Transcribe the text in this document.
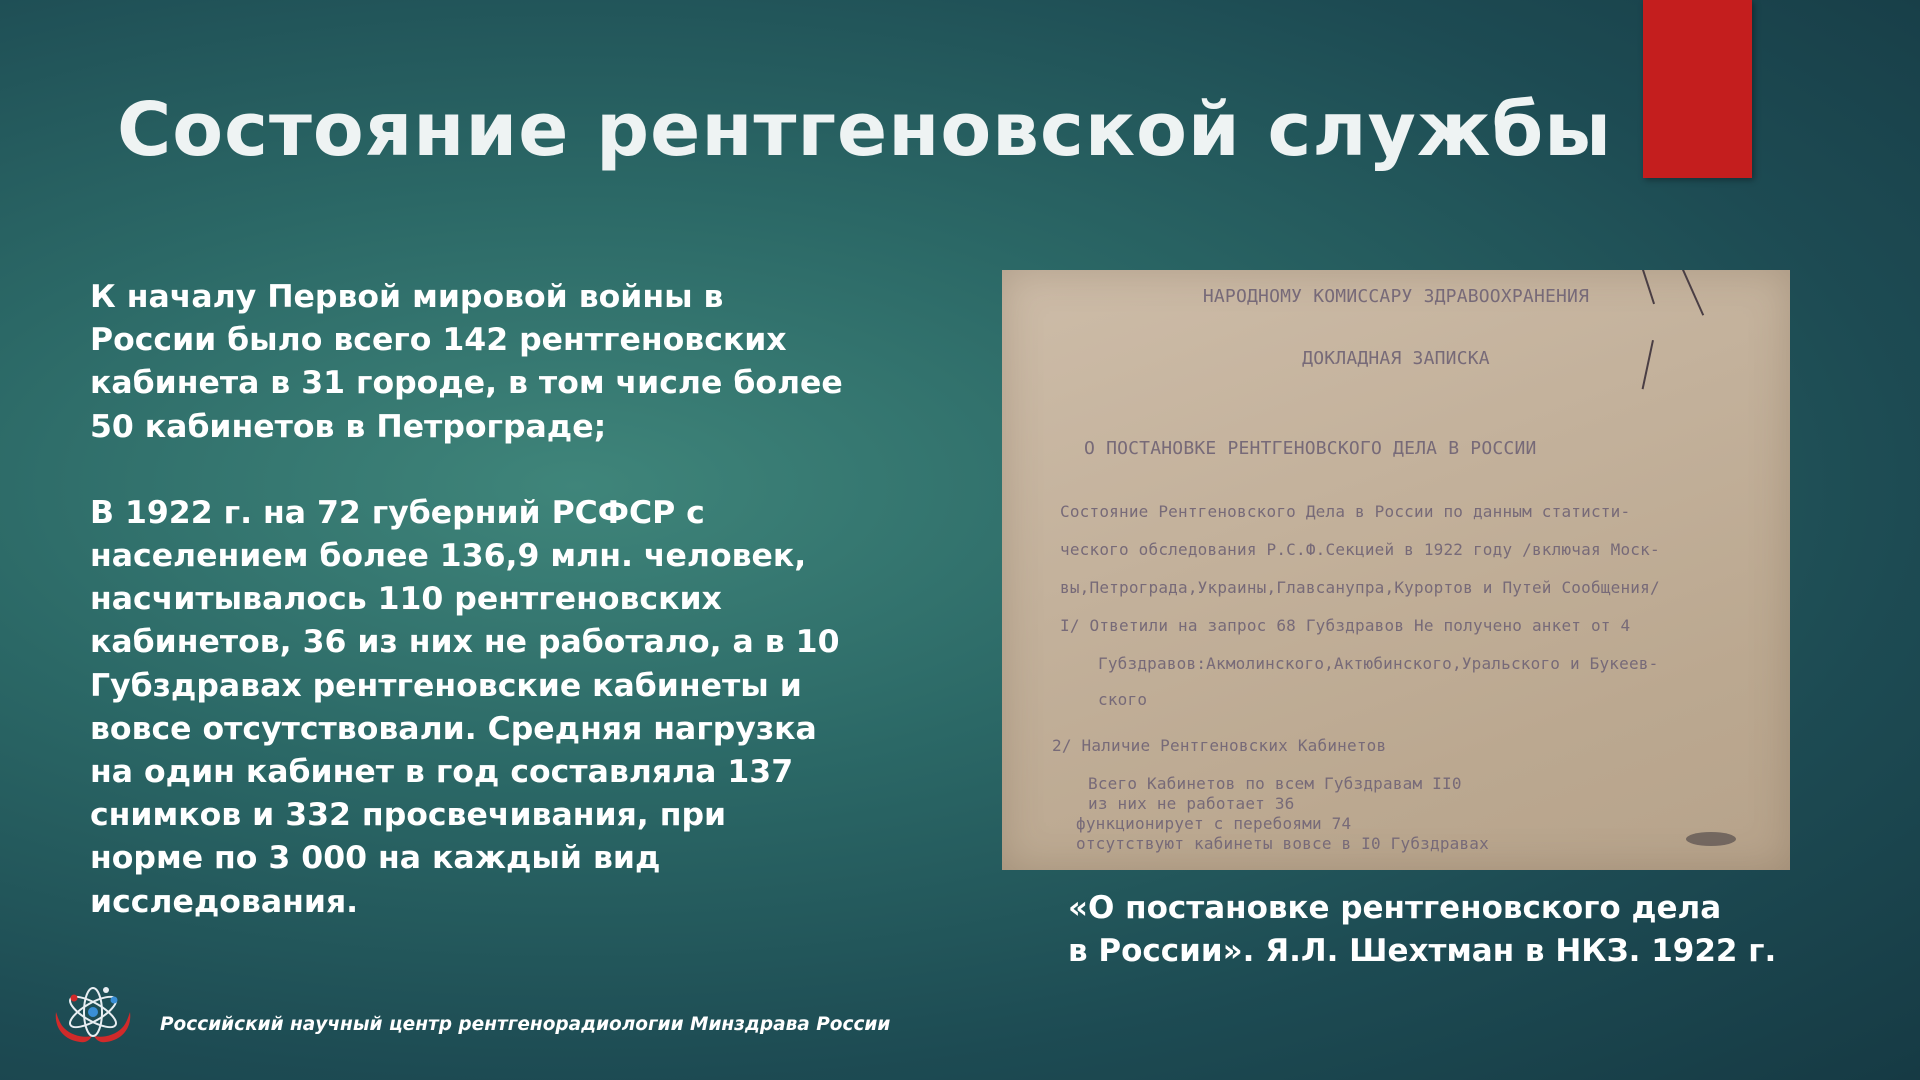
Состояние рентгеновской службы

К началу Первой мировой войны в России было всего 142 рентгеновских кабинета в 31 городе, в том числе более 50 кабинетов в Петрограде;

В 1922 г. на 72 губерний РСФСР с населением более 136,9 млн. человек, насчитывалось 110 рентгеновских кабинетов, 36 из них не работало, а в 10 Губздравах рентгеновские кабинеты и вовсе отсутствовали. Средняя нагрузка на один кабинет в год составляла 137 снимков и 332 просвечивания, при норме по 3 000 на каждый вид исследования.

НАРОДНОМУ КОМИССАРУ ЗДРАВООХРАНЕНИЯ
ДОКЛАДНАЯ ЗАПИСКА
О ПОСТАНОВКЕ РЕНТГЕНОВСКОГО ДЕЛА В РОССИИ
Состояние Рентгеновского Дела в России по данным статисти-
ческого обследования Р.С.Ф.Секцией в 1922 году /включая Моск-
вы,Петрограда,Украины,Главсанупра,Курортов и Путей Сообщения/
I/ Ответили на запрос 68 Губздравов Не получено анкет от 4
Губздравов:Акмолинского,Актюбинского,Уральского и Букеев-
ского
2/ Наличие Рентгеновских Кабинетов
Всего Кабинетов по всем Губздравам II0
из них не работает 36
функционирует с перебоями 74
отсутствуют кабинеты вовсе в I0 Губздравах
«О постановке рентгеновского дела
в России». Я.Л. Шехтман в НКЗ. 1922 г.
Российский научный центр рентгенорадиологии Минздрава России
